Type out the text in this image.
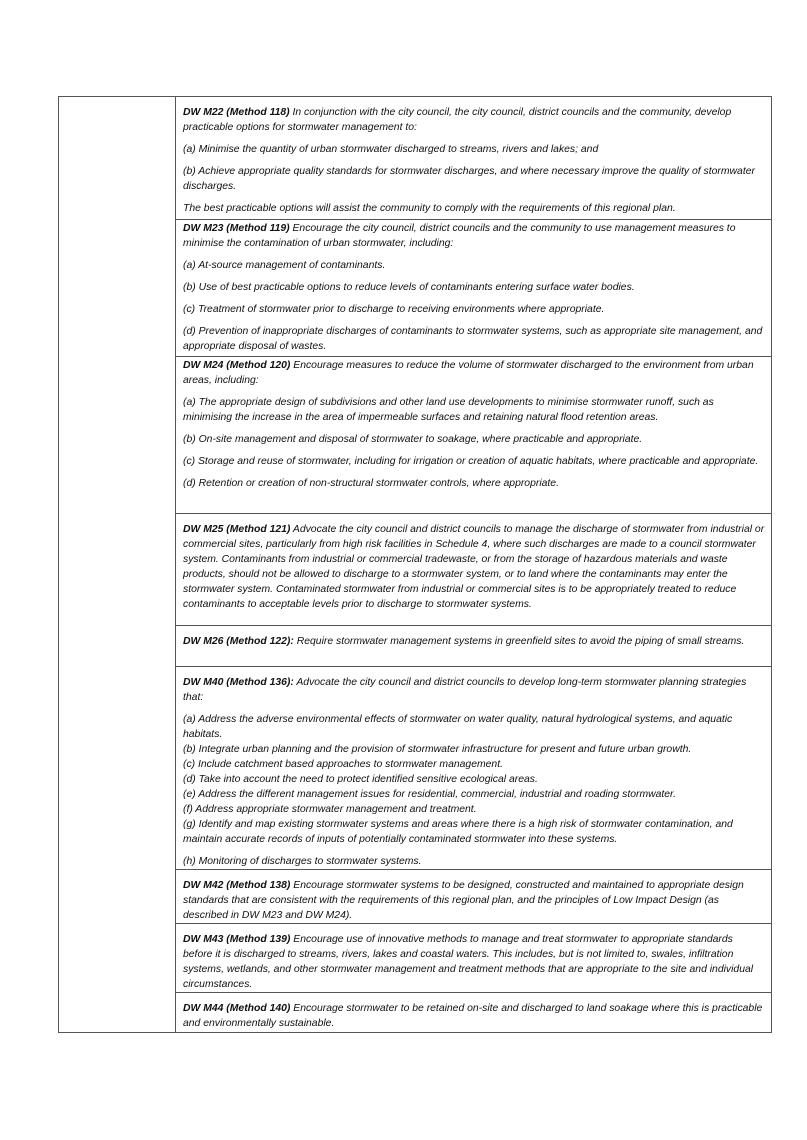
DW M22 (Method 118) In conjunction with the city council, the city council, district councils and the community, develop practicable options for stormwater management to:

(a) Minimise the quantity of urban stormwater discharged to streams, rivers and lakes; and

(b) Achieve appropriate quality standards for stormwater discharges, and where necessary improve the quality of stormwater discharges.

The best practicable options will assist the community to comply with the requirements of this regional plan.

DW M23 (Method 119) Encourage the city council, district councils and the community to use management measures to minimise the contamination of urban stormwater, including:

(a) At-source management of contaminants.

(b) Use of best practicable options to reduce levels of contaminants entering surface water bodies.

(c) Treatment of stormwater prior to discharge to receiving environments where appropriate.

(d) Prevention of inappropriate discharges of contaminants to stormwater systems, such as appropriate site management, and appropriate disposal of wastes.

DW M24 (Method 120) Encourage measures to reduce the volume of stormwater discharged to the environment from urban areas, including:

(a) The appropriate design of subdivisions and other land use developments to minimise stormwater runoff, such as minimising the increase in the area of impermeable surfaces and retaining natural flood retention areas.

(b) On-site management and disposal of stormwater to soakage, where practicable and appropriate.

(c) Storage and reuse of stormwater, including for irrigation or creation of aquatic habitats, where practicable and appropriate.

(d) Retention or creation of non-structural stormwater controls, where appropriate.

DW M25 (Method 121) Advocate the city council and district councils to manage the discharge of stormwater from industrial or commercial sites, particularly from high risk facilities in Schedule 4, where such discharges are made to a council stormwater system. Contaminants from industrial or commercial tradewaste, or from the storage of hazardous materials and waste products, should not be allowed to discharge to a stormwater system, or to land where the contaminants may enter the stormwater system. Contaminated stormwater from industrial or commercial sites is to be appropriately treated to reduce contaminants to acceptable levels prior to discharge to stormwater systems.

DW M26 (Method 122): Require stormwater management systems in greenfield sites to avoid the piping of small streams.

DW M40 (Method 136): Advocate the city council and district councils to develop long-term stormwater planning strategies that:

(a) Address the adverse environmental effects of stormwater on water quality, natural hydrological systems, and aquatic habitats.

(b) Integrate urban planning and the provision of stormwater infrastructure for present and future urban growth.

(c) Include catchment based approaches to stormwater management.

(d) Take into account the need to protect identified sensitive ecological areas.

(e) Address the different management issues for residential, commercial, industrial and roading stormwater.

(f) Address appropriate stormwater management and treatment.

(g) Identify and map existing stormwater systems and areas where there is a high risk of stormwater contamination, and maintain accurate records of inputs of potentially contaminated stormwater into these systems.

(h) Monitoring of discharges to stormwater systems.

DW M42 (Method 138) Encourage stormwater systems to be designed, constructed and maintained to appropriate design standards that are consistent with the requirements of this regional plan, and the principles of Low Impact Design (as described in DW M23 and DW M24).

DW M43 (Method 139) Encourage use of innovative methods to manage and treat stormwater to appropriate standards before it is discharged to streams, rivers, lakes and coastal waters. This includes, but is not limited to, swales, infiltration systems, wetlands, and other stormwater management and treatment methods that are appropriate to the site and individual circumstances.

DW M44 (Method 140) Encourage stormwater to be retained on-site and discharged to land soakage where this is practicable and environmentally sustainable.
